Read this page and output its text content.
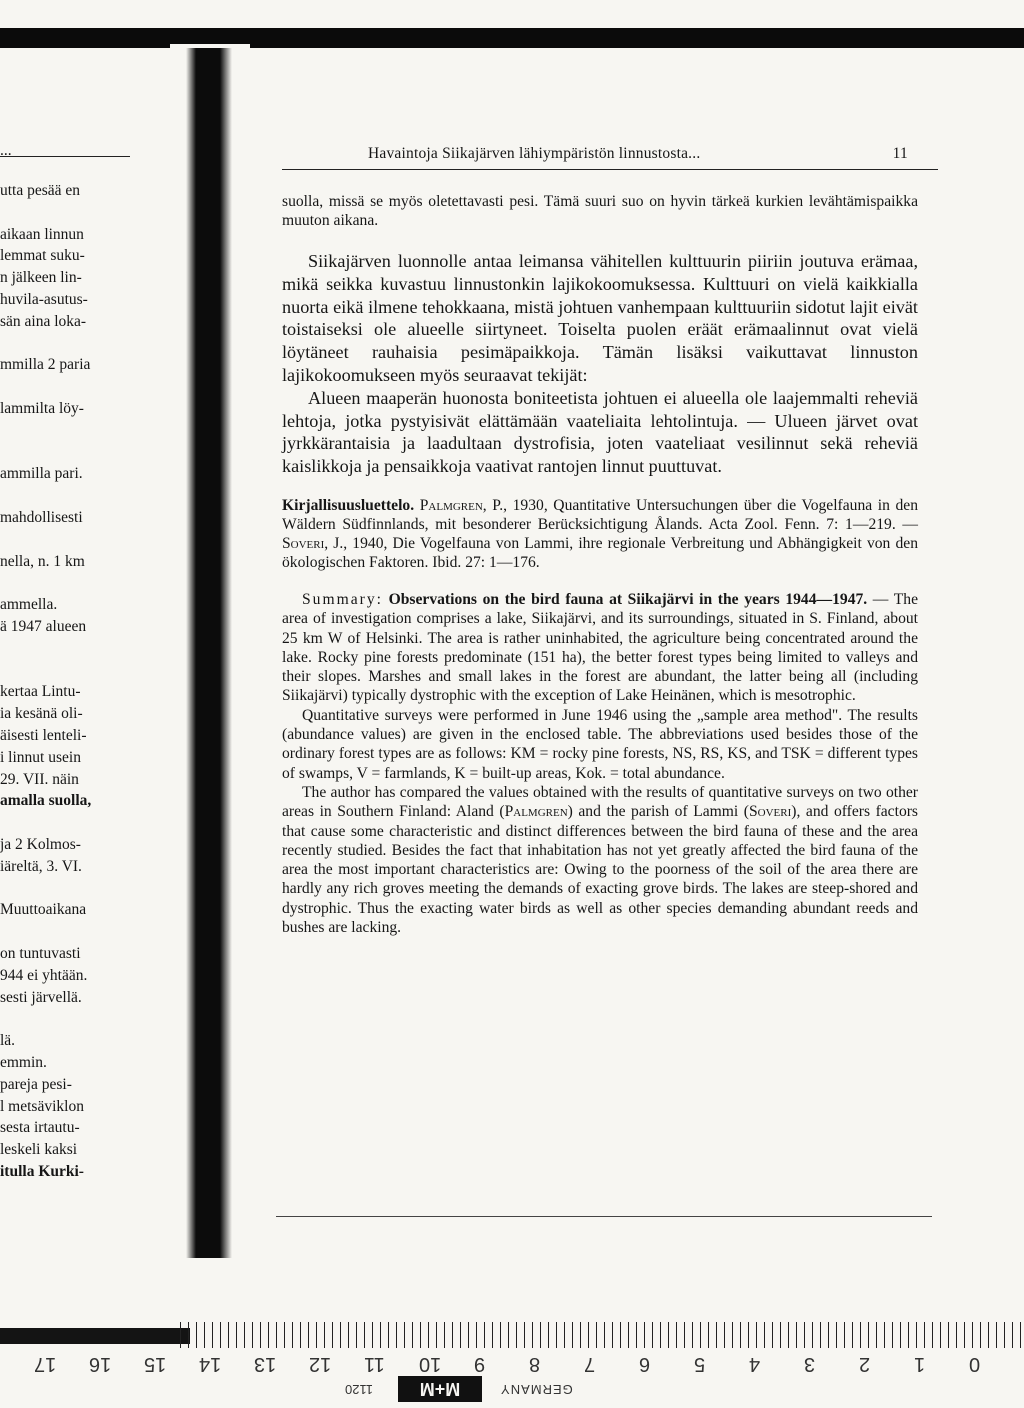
...
utta pesää en
aikaan linnun
lemmat suku-
n jälkeen lin-
huvila-asutus-
sän aina loka-
mmilla 2 paria
lammilta löy-
ammilla pari.
mahdollisesti
nella, n. 1 km
ammella.
ä 1947 alueen
kertaa Lintu-
ia kesänä oli-
äisesti lenteli-
i linnut usein
29. VII. näin
amalla suolla,
ja 2 Kolmos-
iäreltä, 3. VI.
Muuttoaikana
on tuntuvasti
944 ei yhtään.
sesti järvellä.
lä.
emmin.
pareja pesi-
l metsäviklon
sesta irtautu-
leskeli kaksi
itulla Kurki-
Havaintoja Siikajärven lähiympäristön linnustosta...	11

suolla, missä se myös oletettavasti pesi. Tämä suuri suo on hyvin tärkeä kurkien levähtämispaikka muuton aikana.

Siikajärven luonnolle antaa leimansa vähitellen kulttuurin piiriin joutuva erämaa, mikä seikka kuvastuu linnustonkin lajikokoomuksessa. Kulttuuri on vielä kaikkialla nuorta eikä ilmene tehokkaana, mistä johtuen vanhempaan kulttuuriin sidotut lajit eivät toistaiseksi ole alueelle siirtyneet. Toiselta puolen eräät erämaalinnut ovat vielä löytäneet rauhaisia pesimäpaikkoja. Tämän lisäksi vaikuttavat linnuston lajikokoomukseen myös seuraavat tekijät:

Alueen maaperän huonosta boniteetista johtuen ei alueella ole laajemmalti reheviä lehtoja, jotka pystyisivät elättämään vaateliaita lehtolintuja. — Ulueen järvet ovat jyrkkärantaisia ja laadultaan dystrofisia, joten vaateliaat vesilinnut sekä reheviä kaislikkoja ja pensaikkoja vaativat rantojen linnut puuttuvat.

Kirjallisuusluettelo. Palmgren, P., 1930, Quantitative Untersuchungen über die Vogelfauna in den Wäldern Südfinnlands, mit besonderer Berücksichtigung Ålands. Acta Zool. Fenn. 7: 1—219. — Soveri, J., 1940, Die Vogelfauna von Lammi, ihre regionale Verbreitung und Abhängigkeit von den ökologischen Faktoren. Ibid. 27: 1—176.

Summary: Observations on the bird fauna at Siikajärvi in the years 1944—1947. — The area of investigation comprises a lake, Siikajärvi, and its surroundings, situated in S. Finland, about 25 km W of Helsinki. The area is rather uninhabited, the agriculture being concentrated around the lake. Rocky pine forests predominate (151 ha), the better forest types being limited to valleys and their slopes. Marshes and small lakes in the forest are abundant, the latter being all (including Siikajärvi) typically dystrophic with the exception of Lake Heinänen, which is mesotrophic.

Quantitative surveys were performed in June 1946 using the „sample area method". The results (abundance values) are given in the enclosed table. The abbreviations used besides those of the ordinary forest types are as follows: KM = rocky pine forests, NS, RS, KS, and TSK = different types of swamps, V = farmlands, K = built-up areas, Kok. = total abundance.

The author has compared the values obtained with the results of quantitative surveys on two other areas in Southern Finland: Aland (Palmgren) and the parish of Lammi (Soveri), and offers factors that cause some characteristic and distinct differences between the bird fauna of these and the area recently studied. Besides the fact that inhabitation has not yet greatly affected the bird fauna of the area the most important characteristics are: Owing to the poorness of the soil of the area there are hardly any rich groves meeting the demands of exacting grove birds. The lakes are steep-shored and dystrophic. Thus the exacting water birds as well as other species demanding abundant reeds and bushes are lacking.

17 16 15 14 13 12 11 10 9 8 7 6 5 4 3 2 1 0
1120	M+M	GERMANY
